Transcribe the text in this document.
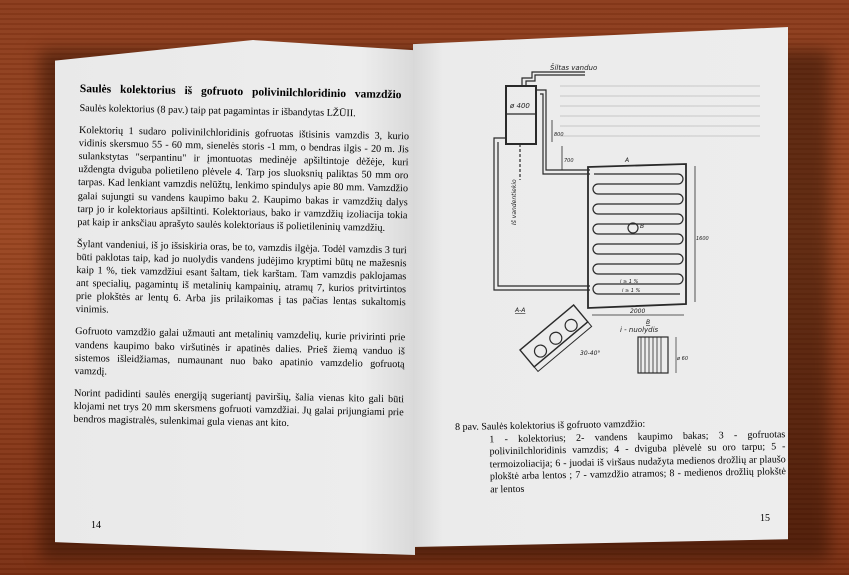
Saulės kolektorius iš gofruoto polivinilchloridinio vamzdžio

Saulės kolektorius (8 pav.) taip pat pagamintas ir išbandytas LŽŪII.

Kolektorių 1 sudaro polivinilchloridinis gofruotas ištisinis vamzdis 3, kurio vidinis skersmuo 55 - 60 mm, sienelės storis -1 mm, o bendras ilgis - 20 m. Jis sulankstytas "serpantinu" ir įmontuotas medinėje apšiltintoje dėžėje, kuri uždengta dviguba polietileno plėvele 4. Tarp jos sluoksnių paliktas 50 mm oro tarpas. Kad lenkiant vamzdis nelūžtų, lenkimo spindulys apie 80 mm. Vamzdžio galai sujungti su vandens kaupimo baku 2. Kaupimo bakas ir vamzdžių dalys tarp jo ir kolektoriaus apšiltinti. Kolektoriaus, bako ir vamzdžių izoliacija tokia pat kaip ir anksčiau aprašyto saulės kolektoriaus iš polietileninių vamzdžių.

Šylant vandeniui, iš jo išsiskiria oras, be to, vamzdis ilgėja. Todėl vamzdis 3 turi būti paklotas taip, kad jo nuolydis vandens judėjimo kryptimi būtų ne mažesnis kaip 1 %, tiek vamzdžiui esant šaltam, tiek karštam. Tam vamzdis paklojamas ant specialių, pagamintų iš metalinių kampainių, atramų 7, kurios pritvirtintos prie plokštės ar lentų 6. Arba jis prilaikomas į tas pačias lentas sukaltomis vinimis.

Gofruoto vamzdžio galai užmauti ant metalinių vamzdelių, kurie privirinti prie vandens kaupimo bako viršutinės ir apatinės dalies. Prieš žiemą vanduo iš sistemos išleidžiamas, numaunant nuo bako apatinio vamzdelio gofruotą vamzdį.

Norint padidinti saulės energiją sugeriantį paviršių, šalia vienas kito gali būti klojami net trys 20 mm skersmens gofruoti vamzdžiai. Jų galai prijungiami prie bendros magistralės, sulenkimai gula vienas ant kito.

14
Šiltas vanduo
ø 400
800
700
Iš vandentiekio
1600
2000
i ≥ 1 %
i ≥ 1 %
A
B
i - nuolydis
A-A
B
30-40°
ø 60

8 pav. Saulės kolektorius iš gofruoto vamzdžio:

1 - kolektorius; 2- vandens kaupimo bakas; 3 - gofruotas polivinilchloridinis vamzdis; 4 - dviguba plėvelė su oro tarpu; 5 - termoizoliacija; 6 - juodai iš viršaus nudažyta medienos drožlių ar plaušo plokštė arba lentos ; 7 - vamzdžio atramos; 8 - medienos drožlių plokštė ar lentos

15
